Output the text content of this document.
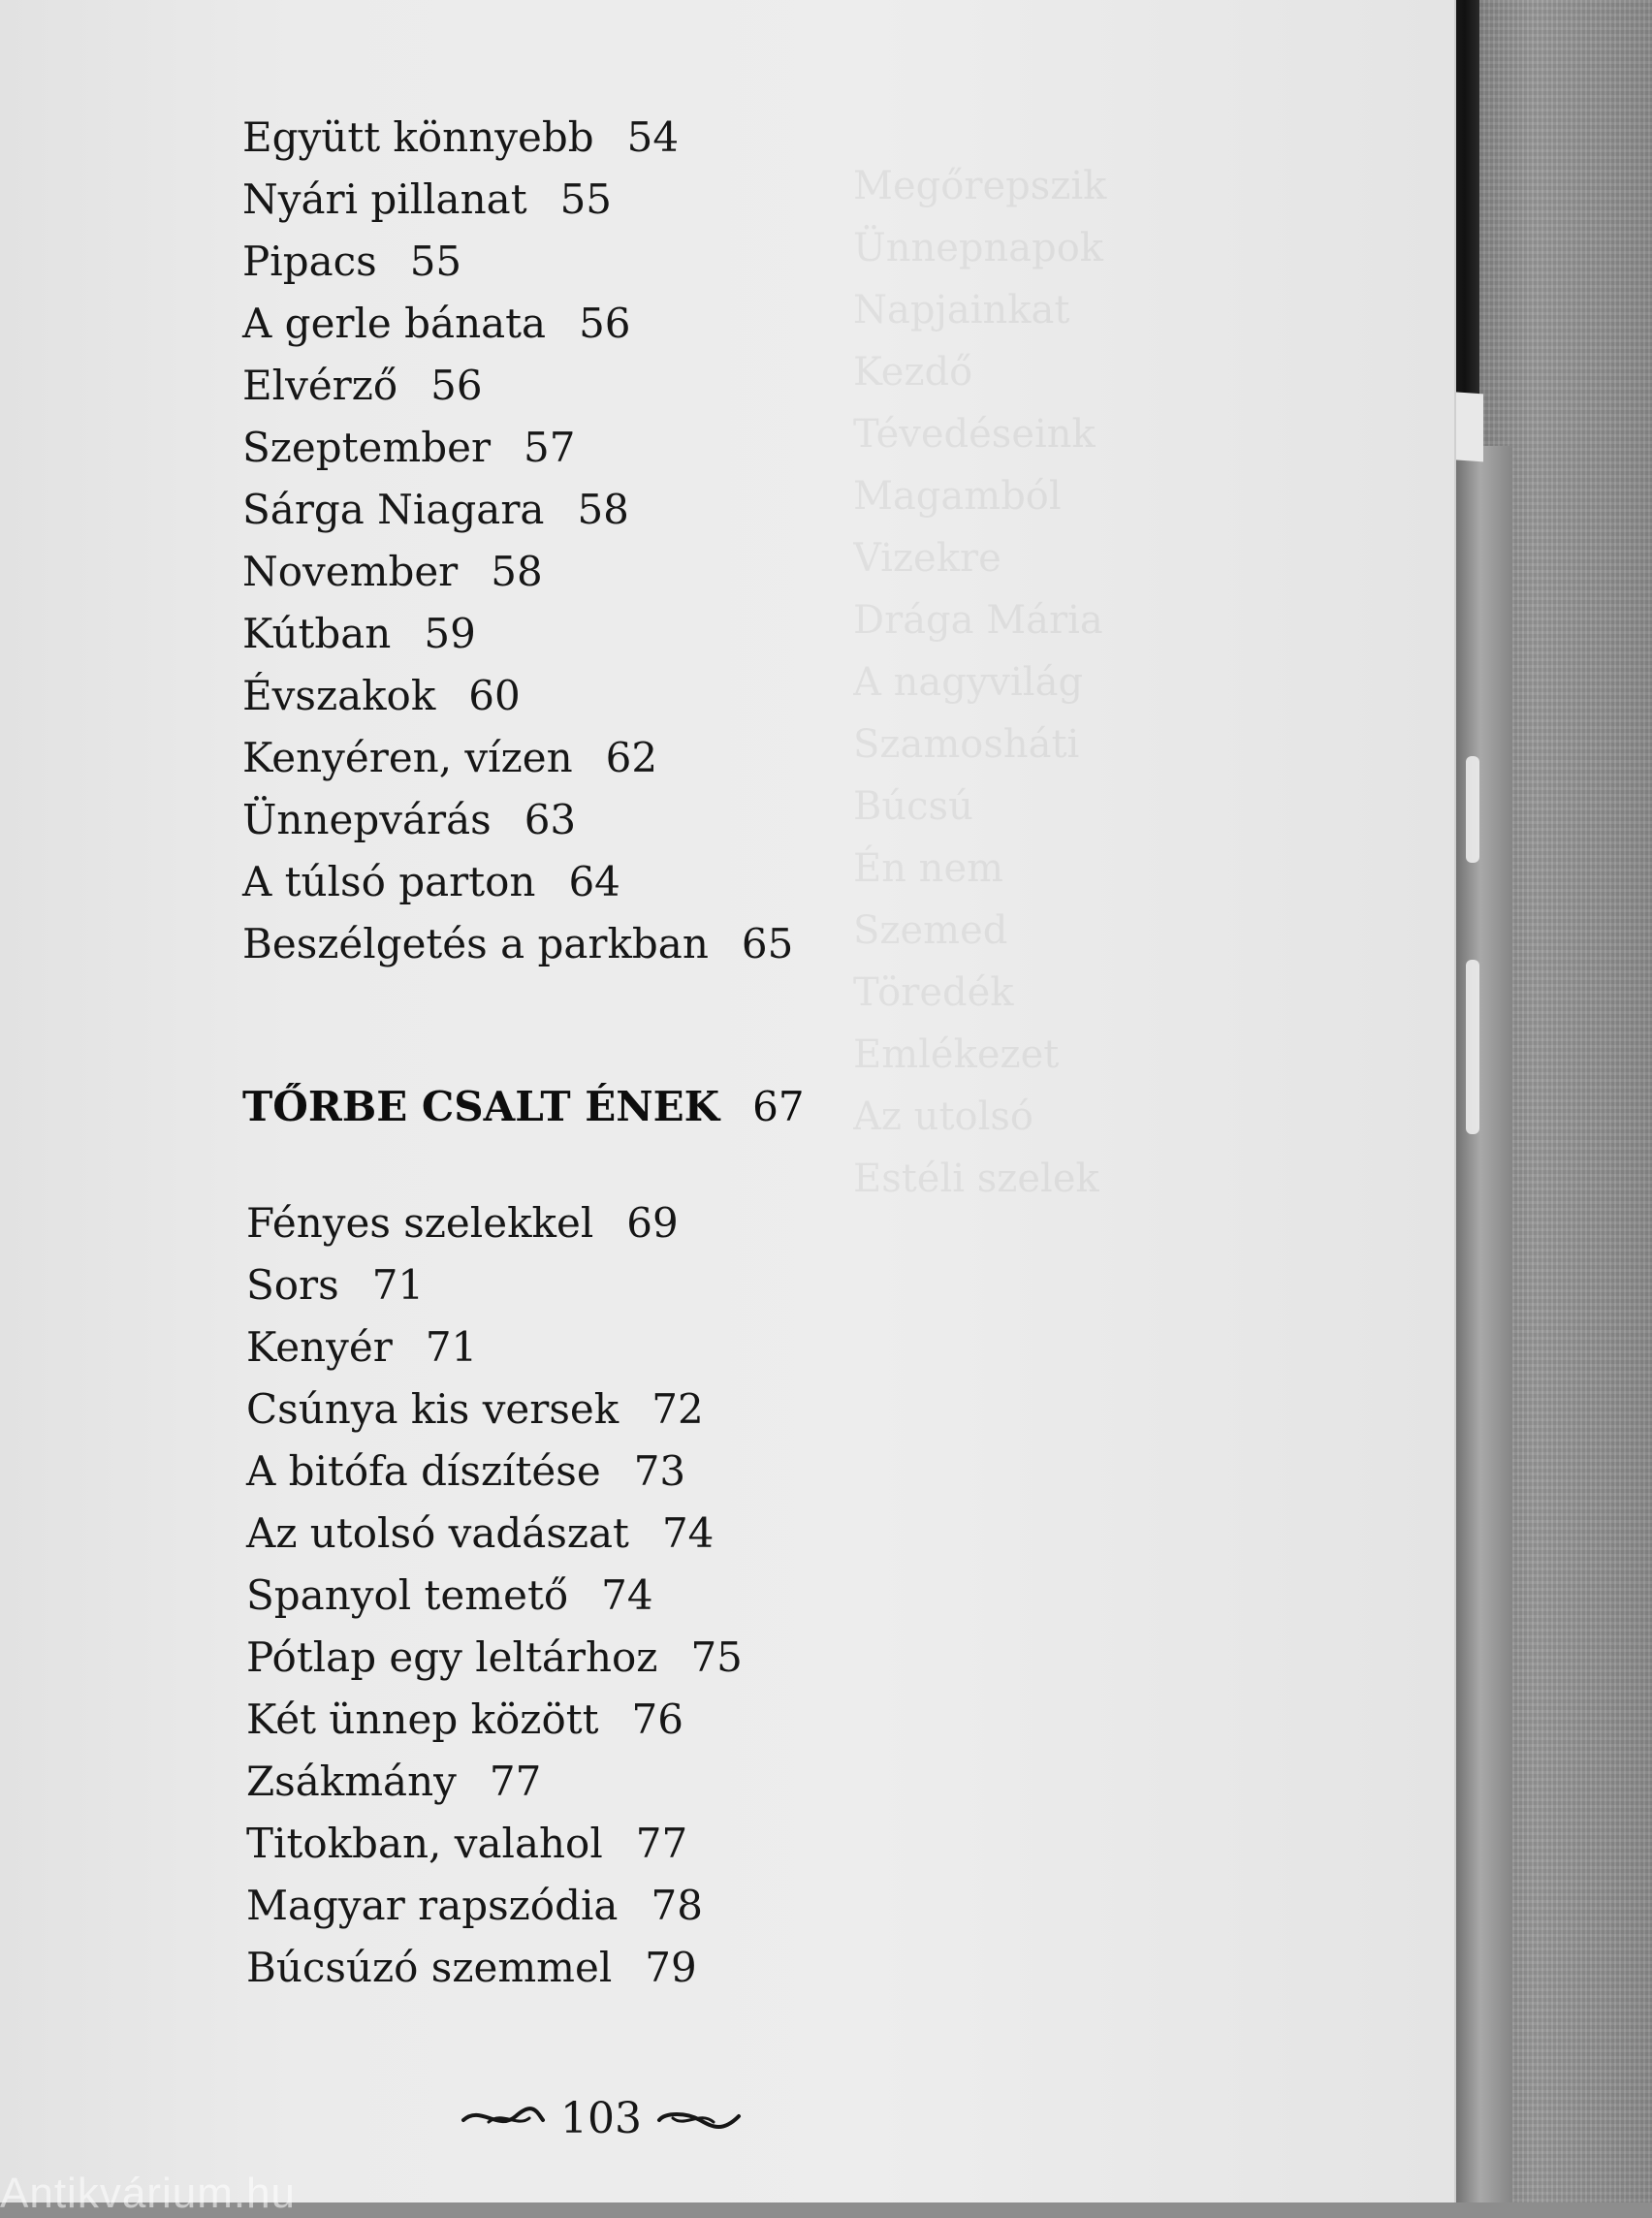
Megőrepszik
Ünnepnapok
Napjainkat
Kezdő
Tévedéseink
Magamból
Vizekre
Drága Mária
A nagyvilág
Szamosháti
Búcsú
Én nem
Szemed
Töredék
Emlékezet
Az utolsó
Estéli szelek
Együtt könnyebb 54
Nyári pillanat 55
Pipacs 55
A gerle bánata 56
Elvérző 56
Szeptember 57
Sárga Niagara 58
November 58
Kútban 59
Évszakok 60
Kenyéren, vízen 62
Ünnepvárás 63
A túlsó parton 64
Beszélgetés a parkban 65
TŐRBE CSALT ÉNEK 67
Fényes szelekkel 69
Sors 71
Kenyér 71
Csúnya kis versek 72
A bitófa díszítése 73
Az utolsó vadászat 74
Spanyol temető 74
Pótlap egy leltárhoz 75
Két ünnep között 76
Zsákmány 77
Titokban, valahol 77
Magyar rapszódia 78
Búcsúzó szemmel 79
103
Antikvárium.hu
